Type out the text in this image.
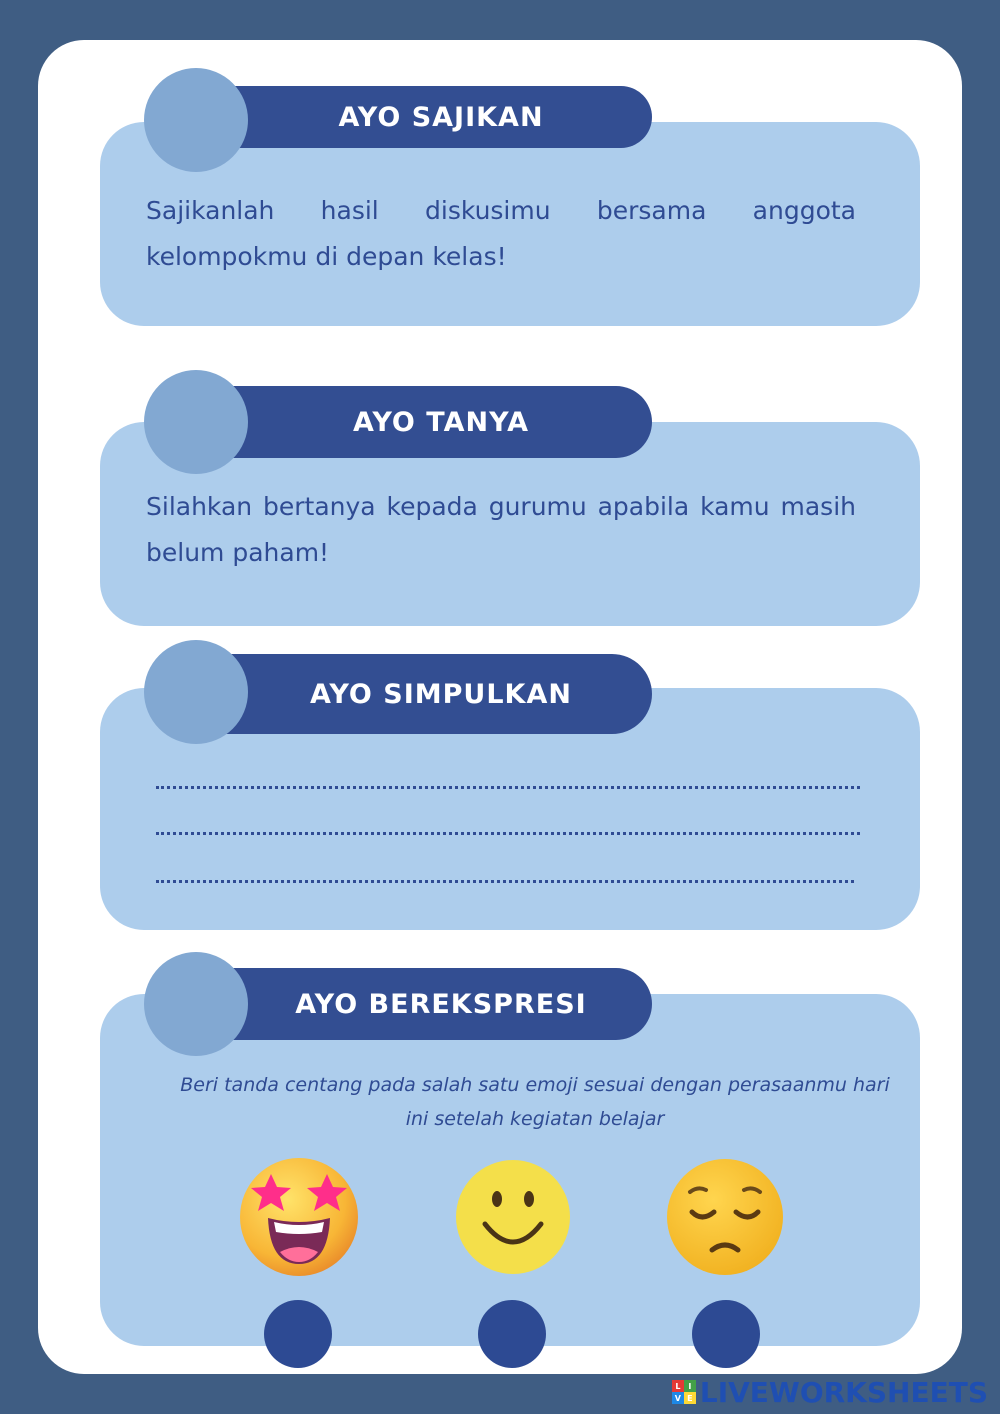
AYO SAJIKAN
Sajikanlah hasil diskusimu bersama anggota kelompokmu di depan kelas!
AYO TANYA
Silahkan bertanya kepada gurumu apabila kamu masih belum paham!
AYO SIMPULKAN
AYO BEREKSPRESI
Beri tanda centang pada salah satu emoji sesuai dengan perasaanmu hari ini setelah kegiatan belajar
L I
V E LIVEWORKSHEETS
